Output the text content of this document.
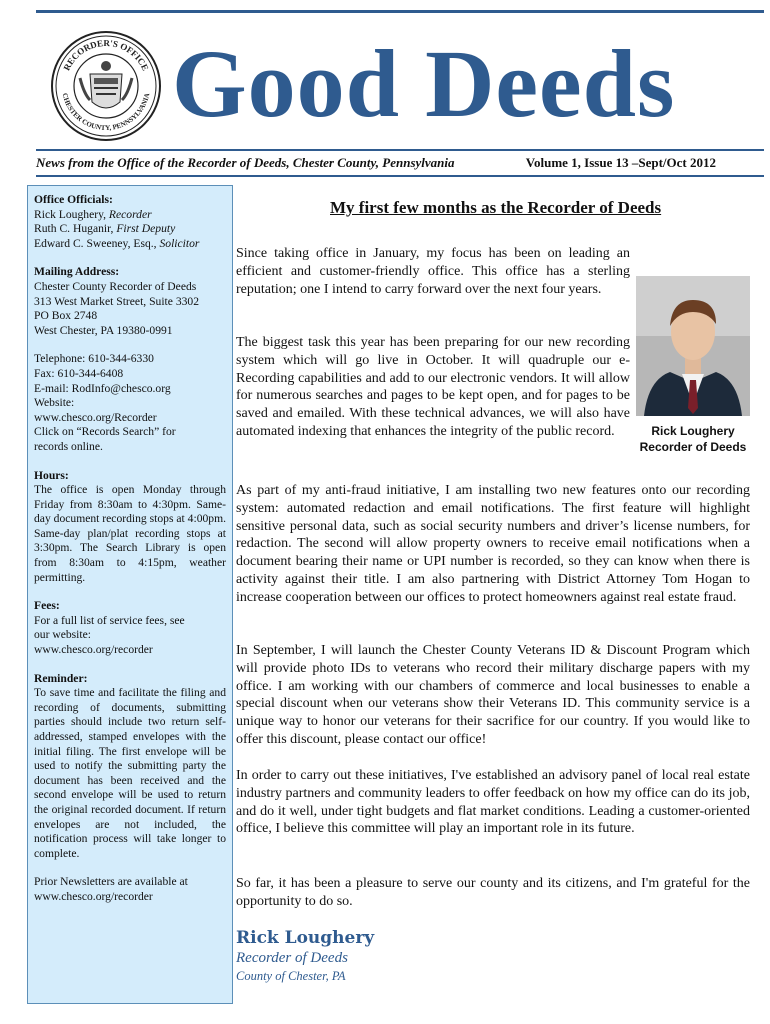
RECORDER'S OFFICE
CHESTER COUNTY, PENNSYLVANIA Good Deeds
News from the Office of the Recorder of Deeds, Chester County, Pennsylvania	Volume 1, Issue 13 –Sept/Oct 2012
Office Officials:
Rick Loughery, Recorder
Ruth C. Huganir, First Deputy
Edward C. Sweeney, Esq., Solicitor
Mailing Address:
Chester County Recorder of Deeds
313 West Market Street, Suite 3302
PO Box 2748
West Chester, PA 19380-0991
Telephone: 610-344-6330
Fax: 610-344-6408
E-mail: RodInfo@chesco.org
Website:
www.chesco.org/Recorder
Click on “Records Search” for
records online.
Hours:

The office is open Monday through Friday from 8:30am to 4:30pm. Same-day document recording stops at 4:00pm. Same-day plan/plat recording stops at 3:30pm. The Search Library is open from 8:30am to 4:15pm, weather permitting.

Fees:
For a full list of service fees, see
our website:
www.chesco.org/recorder
Reminder:

To save time and facilitate the filing and recording of documents, submitting parties should include two return self-addressed, stamped envelopes with the initial filing. The first envelope will be used to notify the submitting party the document has been received and the second envelope will be used to return the original recorded document. If return envelopes are not included, the notification process will take longer to complete.

Prior Newsletters are available at
www.chesco.org/recorder
My first few months as the Recorder of Deeds

Since taking office in January, my focus has been on leading an efficient and customer-friendly office. This office has a sterling reputation; one I intend to carry forward over the next four years.

The biggest task this year has been preparing for our new recording system which will go live in October. It will quadruple our e-Recording capabilities and add to our electronic vendors. It will allow for numerous searches and pages to be kept open, and for pages to be saved and emailed. With these technical advances, we will also have automated indexing that enhances the integrity of the public record.	Rick Loughery
Recorder of Deeds

As part of my anti-fraud initiative, I am installing two new features onto our recording system: automated redaction and email notifications. The first feature will highlight sensitive personal data, such as social security numbers and driver’s license numbers, for redaction. The second will allow property owners to receive email notifications when a document bearing their name or UPI number is recorded, so they can know when there is activity against their title. I am also partnering with District Attorney Tom Hogan to increase cooperation between our offices to protect homeowners against real estate fraud.

In September, I will launch the Chester County Veterans ID & Discount Program which will provide photo IDs to veterans who record their military discharge papers with my office. I am working with our chambers of commerce and local businesses to enable a special discount when our veterans show their Veterans ID. This community service is a unique way to honor our veterans for their sacrifice for our country. If you would like to offer this discount, please contact our office!

In order to carry out these initiatives, I've established an advisory panel of local real estate industry partners and community leaders to offer feedback on how my office can do its job, and do it well, under tight budgets and flat market conditions. Leading a customer-oriented office, I believe this committee will play an important role in its future.

So far, it has been a pleasure to serve our county and its citizens, and I'm grateful for the opportunity to do so.

Rick Loughery
Recorder of Deeds
County of Chester, PA
